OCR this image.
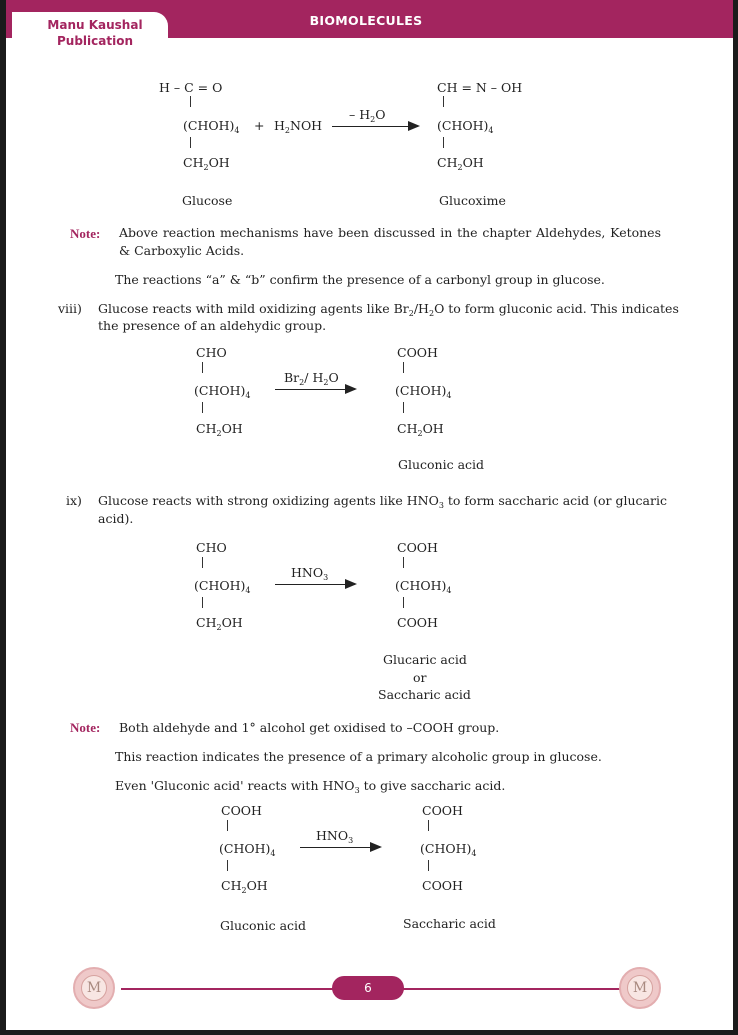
Manu Kaushal
Publication
BIOMOLECULES
H – C = O
$(CHOH)_4$
$CH_2OH$
Glucose
+ $H_2NOH$
– $H_2O$
CH = N – OH
$(CHOH)_4$
$CH_2OH$
Glucoxime
Note: Above reaction mechanisms have been discussed in the chapter Aldehydes, Ketones & Carboxylic Acids.
The reactions “a” & “b” confirm the presence of a carbonyl group in glucose.
viii) Glucose reacts with mild oxidizing agents like $Br_2/H_2O$ to form gluconic acid. This indicates
the presence of an aldehydic group.
CHO
$(CHOH)_4$
$CH_2OH$
$Br_2/$ $H_2O$
COOH
$(CHOH)_4$
$CH_2OH$
Gluconic acid
ix) Glucose reacts with strong oxidizing agents like $HNO_3$ to form saccharic acid (or glucaric
acid).
CHO
$(CHOH)_4$
$CH_2OH$
$HNO_3$
COOH
$(CHOH)_4$
COOH
Glucaric acid
or
Saccharic acid
Note: Both aldehyde and 1° alcohol get oxidised to –COOH group.
This reaction indicates the presence of a primary alcoholic group in glucose.
Even 'Gluconic acid' reacts with $HNO_3$ to give saccharic acid.
COOH
$(CHOH)_4$
$CH_2OH$
Gluconic acid
$HNO_3$
COOH
$(CHOH)_4$
COOH
Saccharic acid
M	M
6
